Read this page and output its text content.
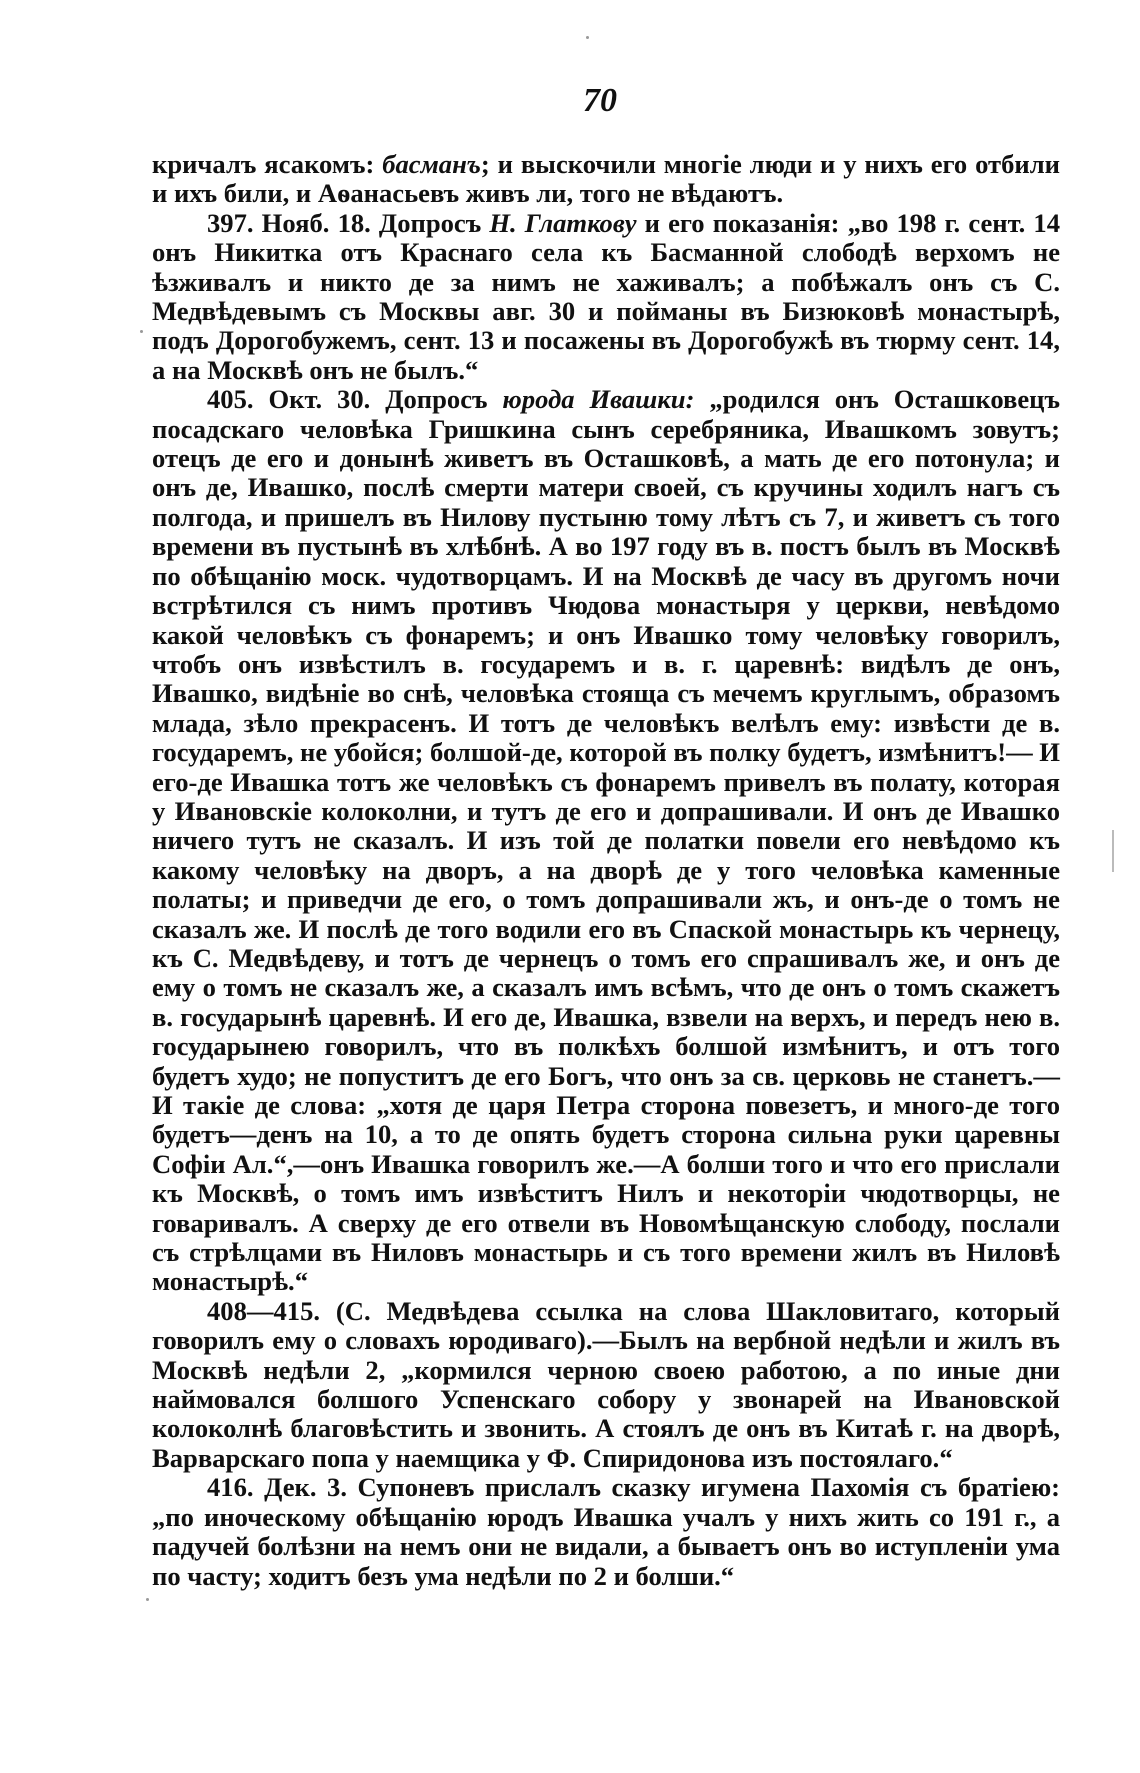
70

кричалъ ясакомъ: басманъ; и выскочили многіе люди и у нихъ его отбили и ихъ били, и Аѳанасьевъ живъ ли, того не вѣдаютъ.

397. Нояб. 18. Допросъ Н. Глатковy и его показанія: „во 198 г. сент. 14 онъ Никитка отъ Краснаго села къ Басманной слободѣ верхомъ не ѣзживалъ и никто де за нимъ не хаживалъ; а побѣжалъ онъ съ С. Медвѣдевымъ съ Москвы авг. 30 и пойманы въ Бизюковѣ монастырѣ, подъ Дорогобужемъ, сент. 13 и посажены въ Дорогобужѣ въ тюрму сент. 14, а на Москвѣ онъ не былъ.“

405. Окт. 30. Допросъ юрода Ивашки: „родился онъ Осташковецъ посадскаго человѣка Гришкина сынъ серебряника, Ивашкомъ зовутъ; отецъ де его и донынѣ живетъ въ Осташковѣ, а мать де его потонула; и онъ де, Ивашко, послѣ смерти матери своей, съ кручины ходилъ нагъ съ полгода, и пришелъ въ Нилову пустыню тому лѣтъ съ 7, и живетъ съ того времени въ пустынѣ въ хлѣбнѣ. А во 197 году въ в. постъ былъ въ Москвѣ по обѣщанію моск. чудотворцамъ. И на Москвѣ де часу въ другомъ ночи встрѣтился съ нимъ противъ Чюдова монастыря у церкви, невѣдомо какой человѣкъ съ фонаремъ; и онъ Ивашко тому человѣку говорилъ, чтобъ онъ извѣстилъ в. государемъ и в. г. царевнѣ: видѣлъ де онъ, Ивашко, видѣніе во снѣ, человѣка стояща съ мечемъ круглымъ, образомъ млада, зѣло прекрасенъ. И тотъ де человѣкъ велѣлъ ему: извѣсти де в. государемъ, не убойся; болшой-де, которой въ полку будетъ, измѣнитъ!— И его-де Ивашка тотъ же человѣкъ съ фонаремъ привелъ въ полату, которая у Ивановскіе колоколни, и тутъ де его и допрашивали. И онъ де Ивашко ничего тутъ не сказалъ. И изъ той де полатки повели его невѣдомо къ какому человѣку на дворъ, а на дворѣ де у того человѣка каменные полаты; и приведчи де его, о томъ допрашивали жъ, и онъ-де о томъ не сказалъ же. И послѣ де того водили его въ Спаской монастырь къ чернецу, къ С. Медвѣдеву, и тотъ де чернецъ о томъ его спрашивалъ же, и онъ де ему о томъ не сказалъ же, а сказалъ имъ всѣмъ, что де онъ о томъ скажетъ в. государынѣ царевнѣ. И его де, Ивашка, взвели на верхъ, и передъ нею в. государынею говорилъ, что въ полкѣхъ болшой измѣнитъ, и отъ того будетъ худо; не попуститъ де его Богъ, что онъ за св. церковь не станетъ.—И такіе де слова: „хотя де царя Петра сторона повезетъ, и много-де того будетъ—денъ на 10, а то де опять будетъ сторона сильна руки царевны Софіи Ал.“,—онъ Ивашка говорилъ же.—А болши того и что его прислали къ Москвѣ, о томъ имъ извѣститъ Нилъ и некоторіи чюдотворцы, не говаривалъ. А сверху де его отвели въ Новомѣщанскую слободу, послали съ стрѣлцами въ Ниловъ монастырь и съ того времени жилъ въ Ниловѣ монастырѣ.“

408—415. (С. Медвѣдева ссылка на слова Шакловитаго, который говорилъ ему о словахъ юродиваго).—Былъ на вербной недѣли и жилъ въ Москвѣ недѣли 2, „кормился черною своею работою, а по иные дни наймовался болшого Успенскаго собору у звонарей на Ивановской колоколнѣ благовѣстить и звонить. А стоялъ де онъ въ Китаѣ г. на дворѣ, Варварскаго попа у наемщика у Ф. Спиридонова изъ постоялаго.“

416. Дек. 3. Супоневъ прислалъ сказку игумена Пахомія съ братіею: „по иноческому обѣщанію юродъ Ивашка учалъ у нихъ жить со 191 г., а падучей болѣзни на немъ они не видали, а бываетъ онъ во иступленіи ума по часту; ходитъ безъ ума недѣли по 2 и болши.“
